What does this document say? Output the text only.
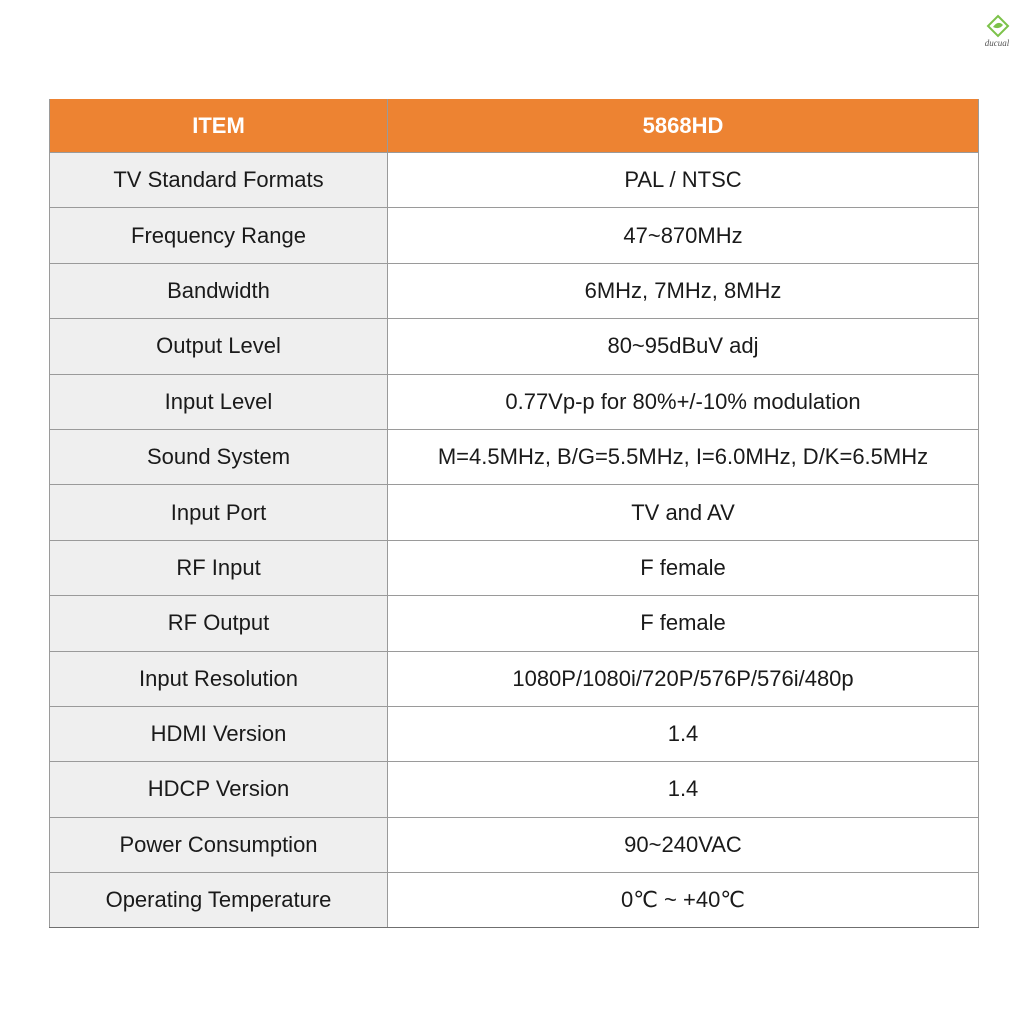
ducual
ITEM	5868HD
TV Standard Formats	PAL / NTSC
Frequency Range	47~870MHz
Bandwidth	6MHz, 7MHz, 8MHz
Output Level	80~95dBuV adj
Input Level	0.77Vp-p for 80%+/-10% modulation
Sound System	M=4.5MHz, B/G=5.5MHz, I=6.0MHz, D/K=6.5MHz
Input Port	TV and AV
RF Input	F female
RF Output	F female
Input Resolution	1080P/1080i/720P/576P/576i/480p
HDMI Version	1.4
HDCP Version	1.4
Power Consumption	90~240VAC
Operating Temperature	0℃ ~ +40℃
